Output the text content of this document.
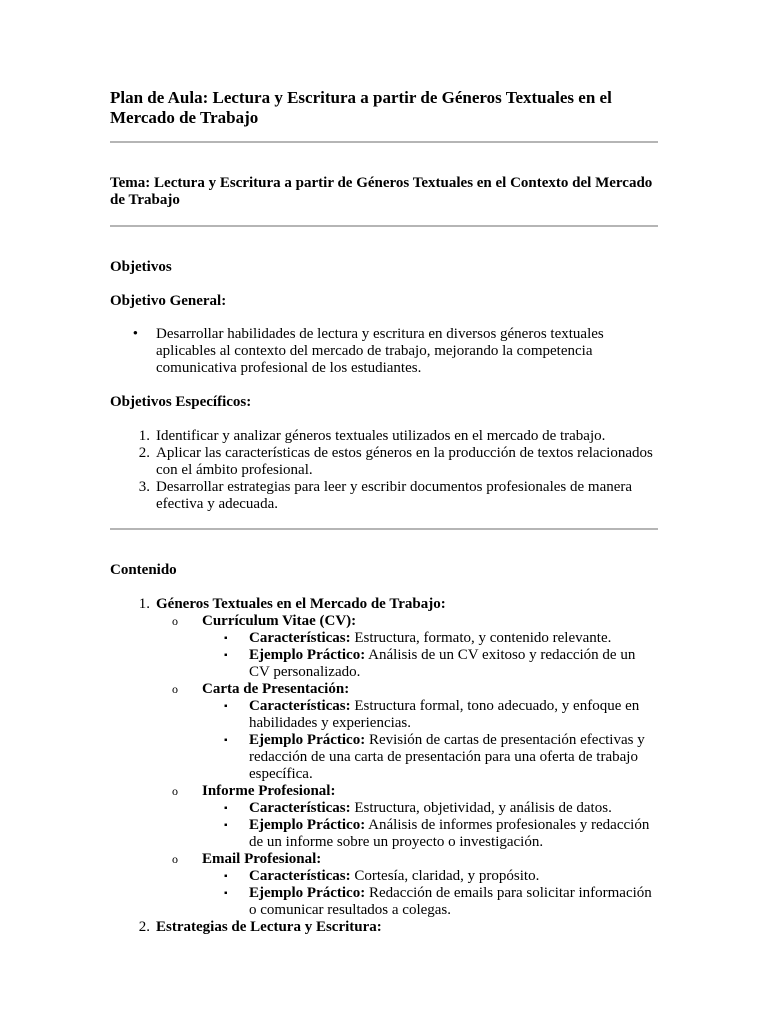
Plan de Aula: Lectura y Escritura a partir de Géneros Textuales en el Mercado de Trabajo

Tema: Lectura y Escritura a partir de Géneros Textuales en el Contexto del Mercado de Trabajo

Objetivos

Objetivo General:

• Desarrollar habilidades de lectura y escritura en diversos géneros textuales aplicables al contexto del mercado de trabajo, mejorando la competencia comunicativa profesional de los estudiantes.

Objetivos Específicos:

1. Identificar y analizar géneros textuales utilizados en el mercado de trabajo.
2. Aplicar las características de estos géneros en la producción de textos relacionados con el ámbito profesional.
3. Desarrollar estrategias para leer y escribir documentos profesionales de manera efectiva y adecuada.

Contenido

1. Géneros Textuales en el Mercado de Trabajo:
o	Currículum Vitae (CV):
▪	Características: Estructura, formato, y contenido relevante.
▪	Ejemplo Práctico: Análisis de un CV exitoso y redacción de un CV personalizado.
o	Carta de Presentación:
▪	Características: Estructura formal, tono adecuado, y enfoque en habilidades y experiencias.
▪	Ejemplo Práctico: Revisión de cartas de presentación efectivas y redacción de una carta de presentación para una oferta de trabajo específica.
o	Informe Profesional:
▪	Características: Estructura, objetividad, y análisis de datos.
▪	Ejemplo Práctico: Análisis de informes profesionales y redacción de un informe sobre un proyecto o investigación.
o	Email Profesional:
▪	Características: Cortesía, claridad, y propósito.
▪	Ejemplo Práctico: Redacción de emails para solicitar información o comunicar resultados a colegas.
2. Estrategias de Lectura y Escritura:
